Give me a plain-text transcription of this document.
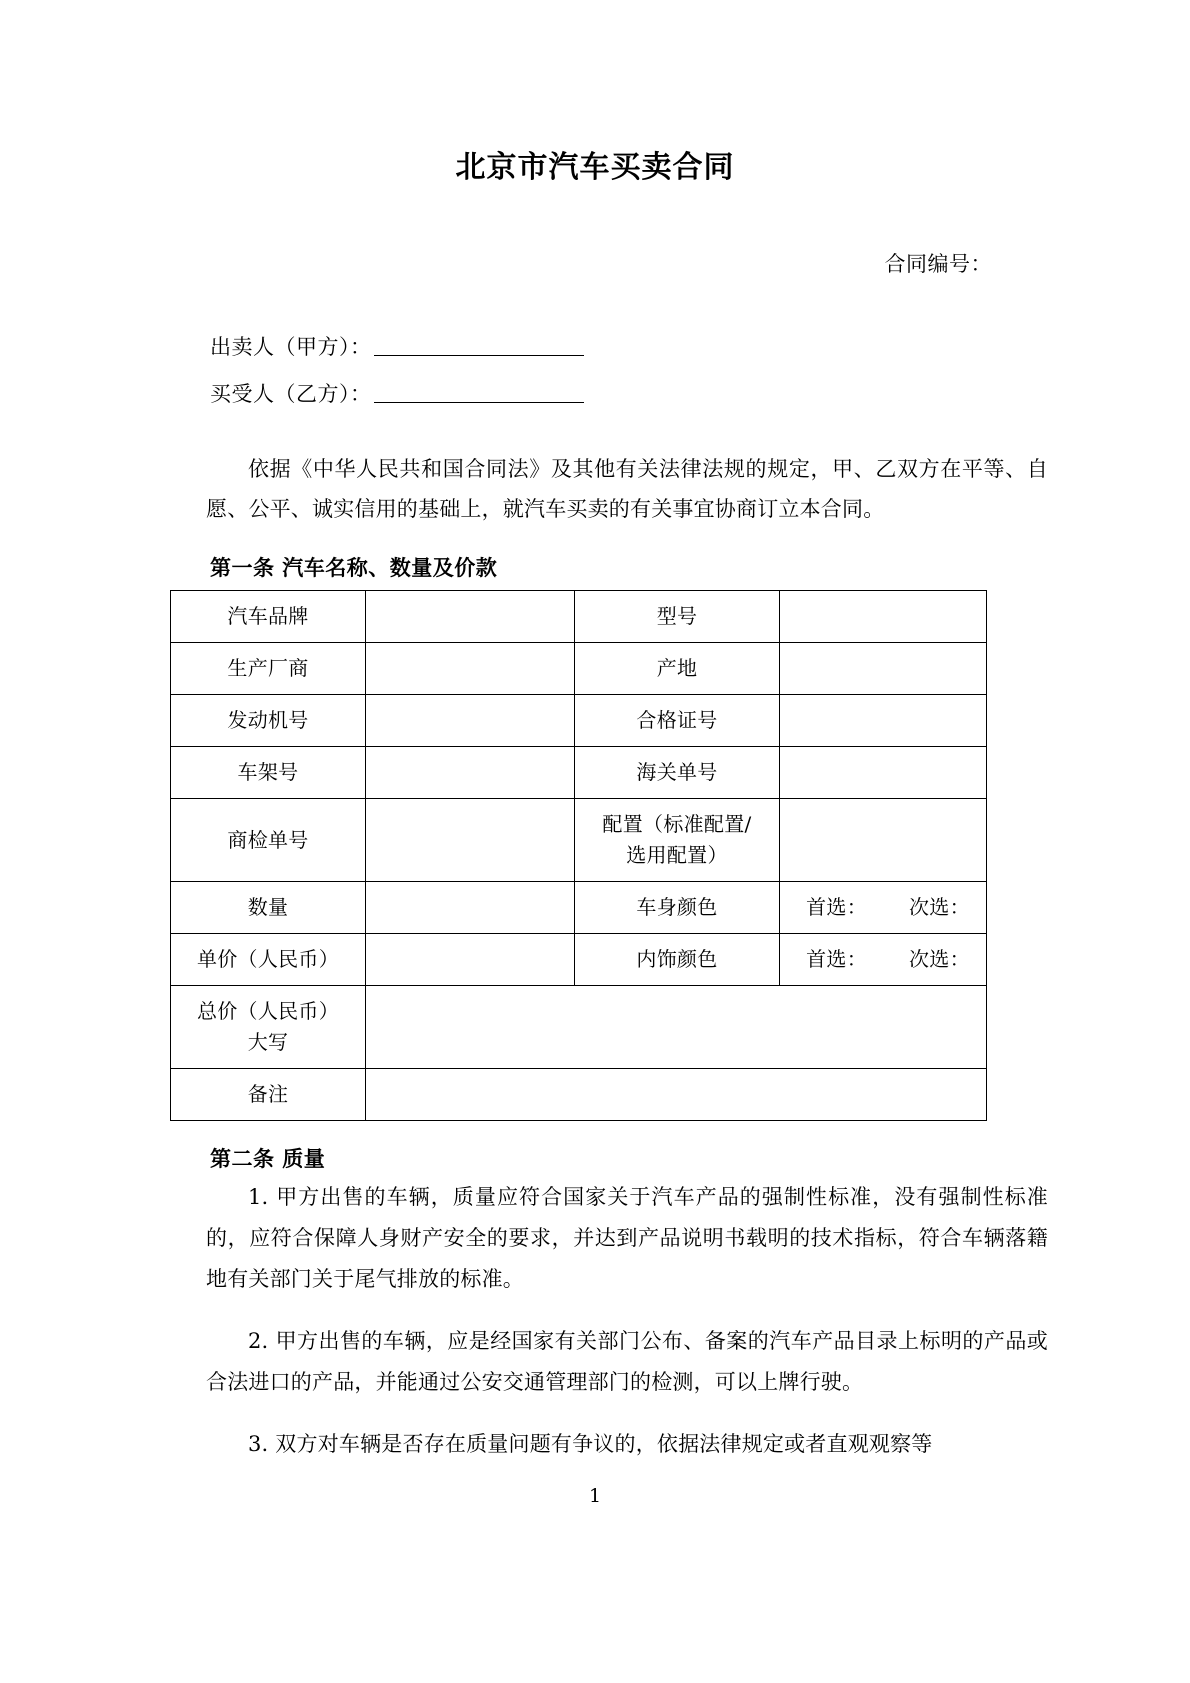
北京市汽车买卖合同
合同编号：
出卖人（甲方）：
买受人（乙方）：

依据《中华人民共和国合同法》及其他有关法律法规的规定，甲、乙双方在平等、自愿、公平、诚实信用的基础上，就汽车买卖的有关事宜协商订立本合同。

第一条 汽车名称、数量及价款
汽车品牌		型号	
生产厂商		产地	
发动机号		合格证号	
车架号		海关单号	
商检单号		配置（标准配置/
选用配置）	

数量		车身颜色	首选： 次选：
单价（人民币）		内饰颜色	首选： 次选：

总价（人民币）
大写			

备注			
第二条 质量

1. 甲方出售的车辆，质量应符合国家关于汽车产品的强制性标准，没有强制性标准的，应符合保障人身财产安全的要求，并达到产品说明书载明的技术指标，符合车辆落籍地有关部门关于尾气排放的标准。

2. 甲方出售的车辆，应是经国家有关部门公布、备案的汽车产品目录上标明的产品或合法进口的产品，并能通过公安交通管理部门的检测，可以上牌行驶。

3. 双方对车辆是否存在质量问题有争议的，依据法律规定或者直观观察等

1
